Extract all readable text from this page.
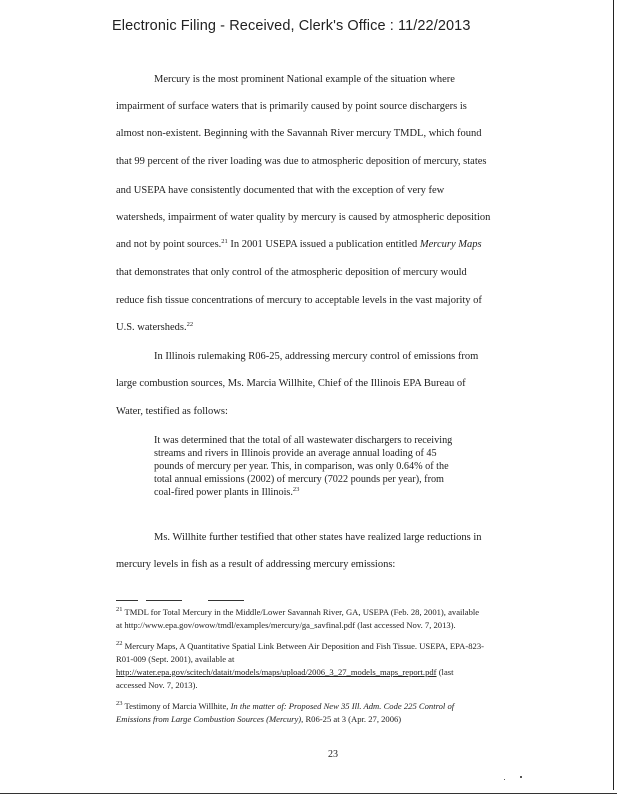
Electronic Filing - Received, Clerk's Office : 11/22/2013
Mercury is the most prominent National example of the situation where
impairment of surface waters that is primarily caused by point source dischargers is
almost non-existent. Beginning with the Savannah River mercury TMDL, which found
that 99 percent of the river loading was due to atmospheric deposition of mercury, states
and USEPA have consistently documented that with the exception of very few
watersheds, impairment of water quality by mercury is caused by atmospheric deposition
and not by point sources.$^{21}$ In 2001 USEPA issued a publication entitled Mercury Maps
that demonstrates that only control of the atmospheric deposition of mercury would
reduce fish tissue concentrations of mercury to acceptable levels in the vast majority of
U.S. watersheds.$^{22}$
In Illinois rulemaking R06-25, addressing mercury control of emissions from
large combustion sources, Ms. Marcia Willhite, Chief of the Illinois EPA Bureau of
Water, testified as follows:
It was determined that the total of all wastewater dischargers to receiving
streams and rivers in Illinois provide an average annual loading of 45
pounds of mercury per year. This, in comparison, was only 0.64% of the
total annual emissions (2002) of mercury (7022 pounds per year), from
coal-fired power plants in Illinois.$^{23}$
Ms. Willhite further testified that other states have realized large reductions in
mercury levels in fish as a result of addressing mercury emissions:
$^{21}$ TMDL for Total Mercury in the Middle/Lower Savannah River, GA, USEPA (Feb. 28, 2001), available
at http://www.epa.gov/owow/tmdl/examples/mercury/ga_savfinal.pdf (last accessed Nov. 7, 2013).
$^{22}$ Mercury Maps, A Quantitative Spatial Link Between Air Deposition and Fish Tissue. USEPA, EPA-823-
R01-009 (Sept. 2001), available at
http://water.epa.gov/scitech/datait/models/maps/upload/2006_3_27_models_maps_report.pdf (last
accessed Nov. 7, 2013).
$^{23}$ Testimony of Marcia Willhite, In the matter of: Proposed New 35 Ill. Adm. Code 225 Control of
Emissions from Large Combustion Sources (Mercury), R06-25 at 3 (Apr. 27, 2006)
23
